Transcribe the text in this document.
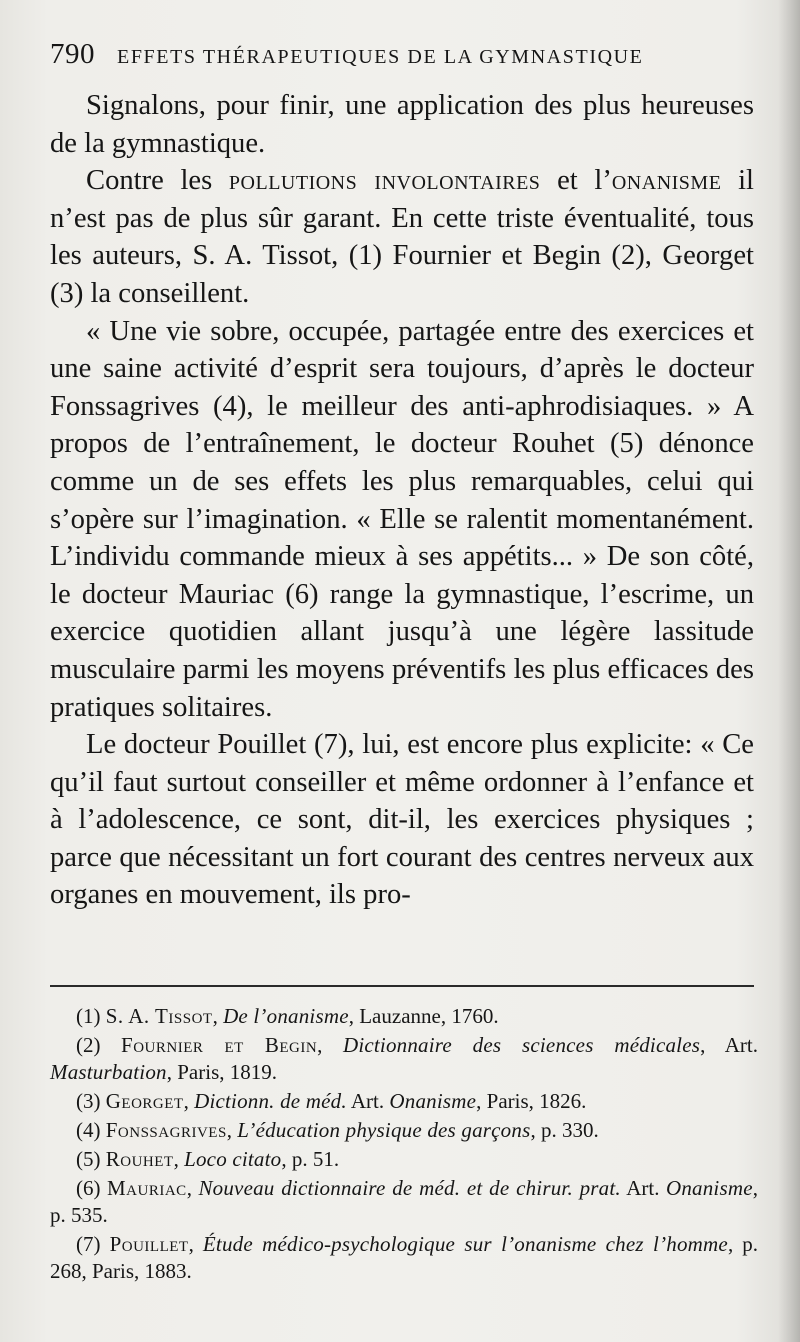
790 EFFETS THÉRAPEUTIQUES DE LA GYMNASTIQUE

Signalons, pour finir, une application des plus heureuses de la gymnastique.

Contre les pollutions involontaires et l’onanisme il n’est pas de plus sûr garant. En cette triste éventualité, tous les auteurs, S. A. Tissot, (1) Fournier et Begin (2), Georget (3) la conseillent.

« Une vie sobre, occupée, partagée entre des exercices et une saine activité d’esprit sera toujours, d’après le docteur Fonssagrives (4), le meilleur des anti-aphrodisiaques. » A propos de l’entraînement, le docteur Rouhet (5) dénonce comme un de ses effets les plus remarquables, celui qui s’opère sur l’imagination. « Elle se ralentit momentanément. L’individu commande mieux à ses appétits... » De son côté, le docteur Mauriac (6) range la gymnastique, l’escrime, un exercice quotidien allant jusqu’à une légère lassitude musculaire parmi les moyens préventifs les plus efficaces des pratiques solitaires.

Le docteur Pouillet (7), lui, est encore plus explicite: « Ce qu’il faut surtout conseiller et même ordonner à l’enfance et à l’adolescence, ce sont, dit-il, les exercices physiques ; parce que nécessitant un fort courant des centres nerveux aux organes en mouvement, ils pro-

(1) S. A. Tissot, De l’onanisme, Lauzanne, 1760.

(2) Fournier et Begin, Dictionnaire des sciences médicales, Art. Masturbation, Paris, 1819.

(3) Georget, Dictionn. de méd. Art. Onanisme, Paris, 1826.

(4) Fonssagrives, L’éducation physique des garçons, p. 330.

(5) Rouhet, Loco citato, p. 51.

(6) Mauriac, Nouveau dictionnaire de méd. et de chirur. prat. Art. Onanisme, p. 535.

(7) Pouillet, Étude médico-psychologique sur l’onanisme chez l’homme, p. 268, Paris, 1883.
